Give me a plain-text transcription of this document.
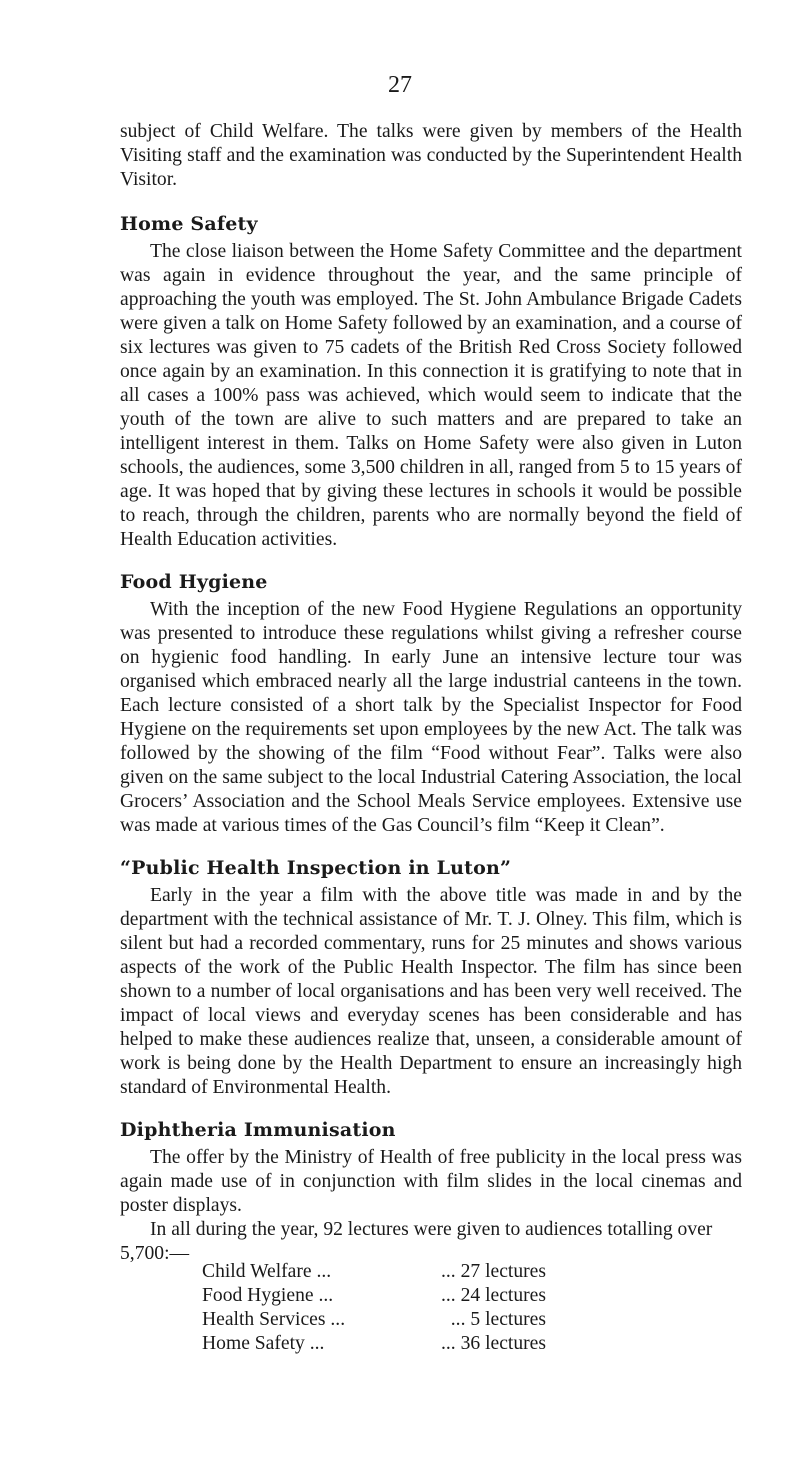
27

subject of Child Welfare. The talks were given by members of the Health Visiting staff and the examination was conducted by the Superintendent Health Visitor.

Home Safety

The close liaison between the Home Safety Committee and the department was again in evidence throughout the year, and the same principle of approaching the youth was employed. The St. John Ambulance Brigade Cadets were given a talk on Home Safety followed by an examination, and a course of six lectures was given to 75 cadets of the British Red Cross Society followed once again by an examination. In this connection it is gratifying to note that in all cases a 100% pass was achieved, which would seem to indicate that the youth of the town are alive to such matters and are prepared to take an intelligent interest in them. Talks on Home Safety were also given in Luton schools, the audiences, some 3,500 children in all, ranged from 5 to 15 years of age. It was hoped that by giving these lectures in schools it would be possible to reach, through the children, parents who are normally beyond the field of Health Education activities.

Food Hygiene

With the inception of the new Food Hygiene Regulations an opportunity was presented to introduce these regulations whilst giving a refresher course on hygienic food handling. In early June an intensive lecture tour was organised which embraced nearly all the large industrial canteens in the town. Each lecture consisted of a short talk by the Specialist Inspector for Food Hygiene on the requirements set upon employees by the new Act. The talk was followed by the showing of the film “Food without Fear”. Talks were also given on the same subject to the local Industrial Catering Association, the local Grocers’ Association and the School Meals Service employees. Extensive use was made at various times of the Gas Council’s film “Keep it Clean”.

“Public Health Inspection in Luton”

Early in the year a film with the above title was made in and by the department with the technical assistance of Mr. T. J. Olney. This film, which is silent but had a recorded commentary, runs for 25 minutes and shows various aspects of the work of the Public Health Inspector. The film has since been shown to a number of local organisations and has been very well received. The impact of local views and everyday scenes has been considerable and has helped to make these audiences realize that, unseen, a considerable amount of work is being done by the Health Department to ensure an increasingly high standard of Environmental Health.

Diphtheria Immunisation

The offer by the Ministry of Health of free publicity in the local press was again made use of in conjunction with film slides in the local cinemas and poster displays.

In all during the year, 92 lectures were given to audiences totalling over

5,700:—
Child Welfare ...	... 27 lectures
Food Hygiene ...	... 24 lectures
Health Services ...	... 5 lectures
Home Safety ...	... 36 lectures
